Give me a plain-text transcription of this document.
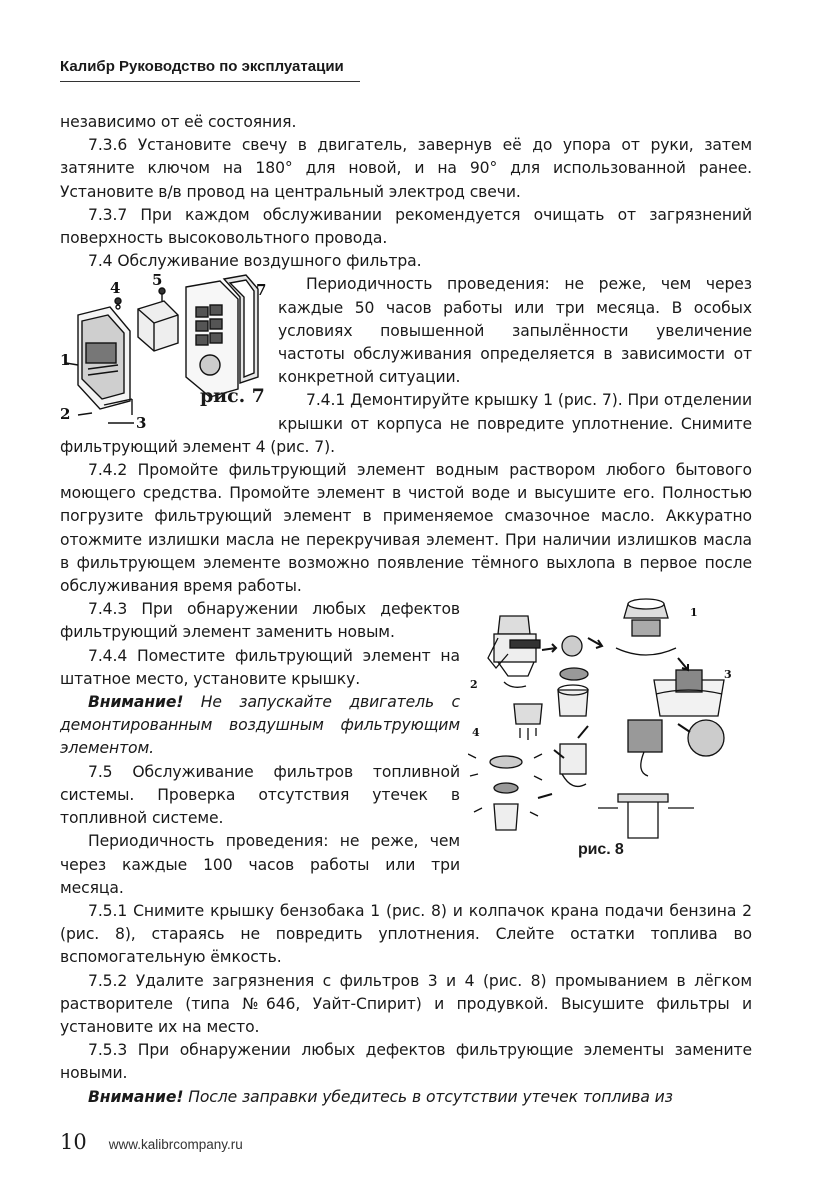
Калибр Руководство по эксплуатации

независимо от её состояния.

7.3.6 Установите свечу в двигатель, завернув её до упора от руки, затем затяните ключом на 180° для новой, и на 90° для использованной ранее. Установите в/в провод на центральный электрод свечи.

7.3.7 При каждом обслуживании рекомендуется очищать от загрязнений поверхность высоковольтного провода.

7.4 Обслуживание воздушного фильтра.

4 5
7
1
2	3
рис. 7

Периодичность проведения: не реже, чем через каждые 50 часов работы или три месяца. В особых условиях повышенной запылённости увеличение частоты обслуживания определяется в зависимости от конкретной ситуации.

7.4.1 Демонтируйте крышку 1 (рис. 7). При отделении крышки от корпуса не повредите уплотнение. Снимите фильтрующий элемент 4 (рис. 7).

7.4.2 Промойте фильтрующий элемент водным раствором любого бытового моющего средства. Промойте элемент в чистой воде и высушите его. Полностью погрузите фильтрующий элемент в применяемое смазочное масло. Аккуратно отожмите излишки масла не перекручивая элемент. При наличии излишков масла в фильтрующем элементе возможно появление тёмного выхлопа в первое после обслуживания время работы.

1
2
3
4
рис. 8

7.4.3 При обнаружении любых дефектов фильтрующий элемент заменить новым.

7.4.4 Поместите фильтрующий элемент на штатное место, установите крышку.

Внимание! Не запускайте двигатель с демонтированным воздушным фильтрующим элементом.

7.5 Обслуживание фильтров топливной системы. Проверка отсутствия утечек в топливной системе.

Периодичность проведения: не реже, чем через каждые 100 часов работы или три месяца.

7.5.1 Снимите крышку бензобака 1 (рис. 8) и колпачок крана подачи бензина 2 (рис. 8), стараясь не повредить уплотнения. Слейте остатки топлива во вспомогательную ёмкость.

7.5.2 Удалите загрязнения с фильтров 3 и 4 (рис. 8) промыванием в лёгком растворителе (типа №646, Уайт-Спирит) и продувкой. Высушите фильтры и установите их на место.

7.5.3 При обнаружении любых дефектов фильтрующие элементы замените новыми.

Внимание! После заправки убедитесь в отсутствии утечек топлива из

10 www.kalibrcompany.ru
